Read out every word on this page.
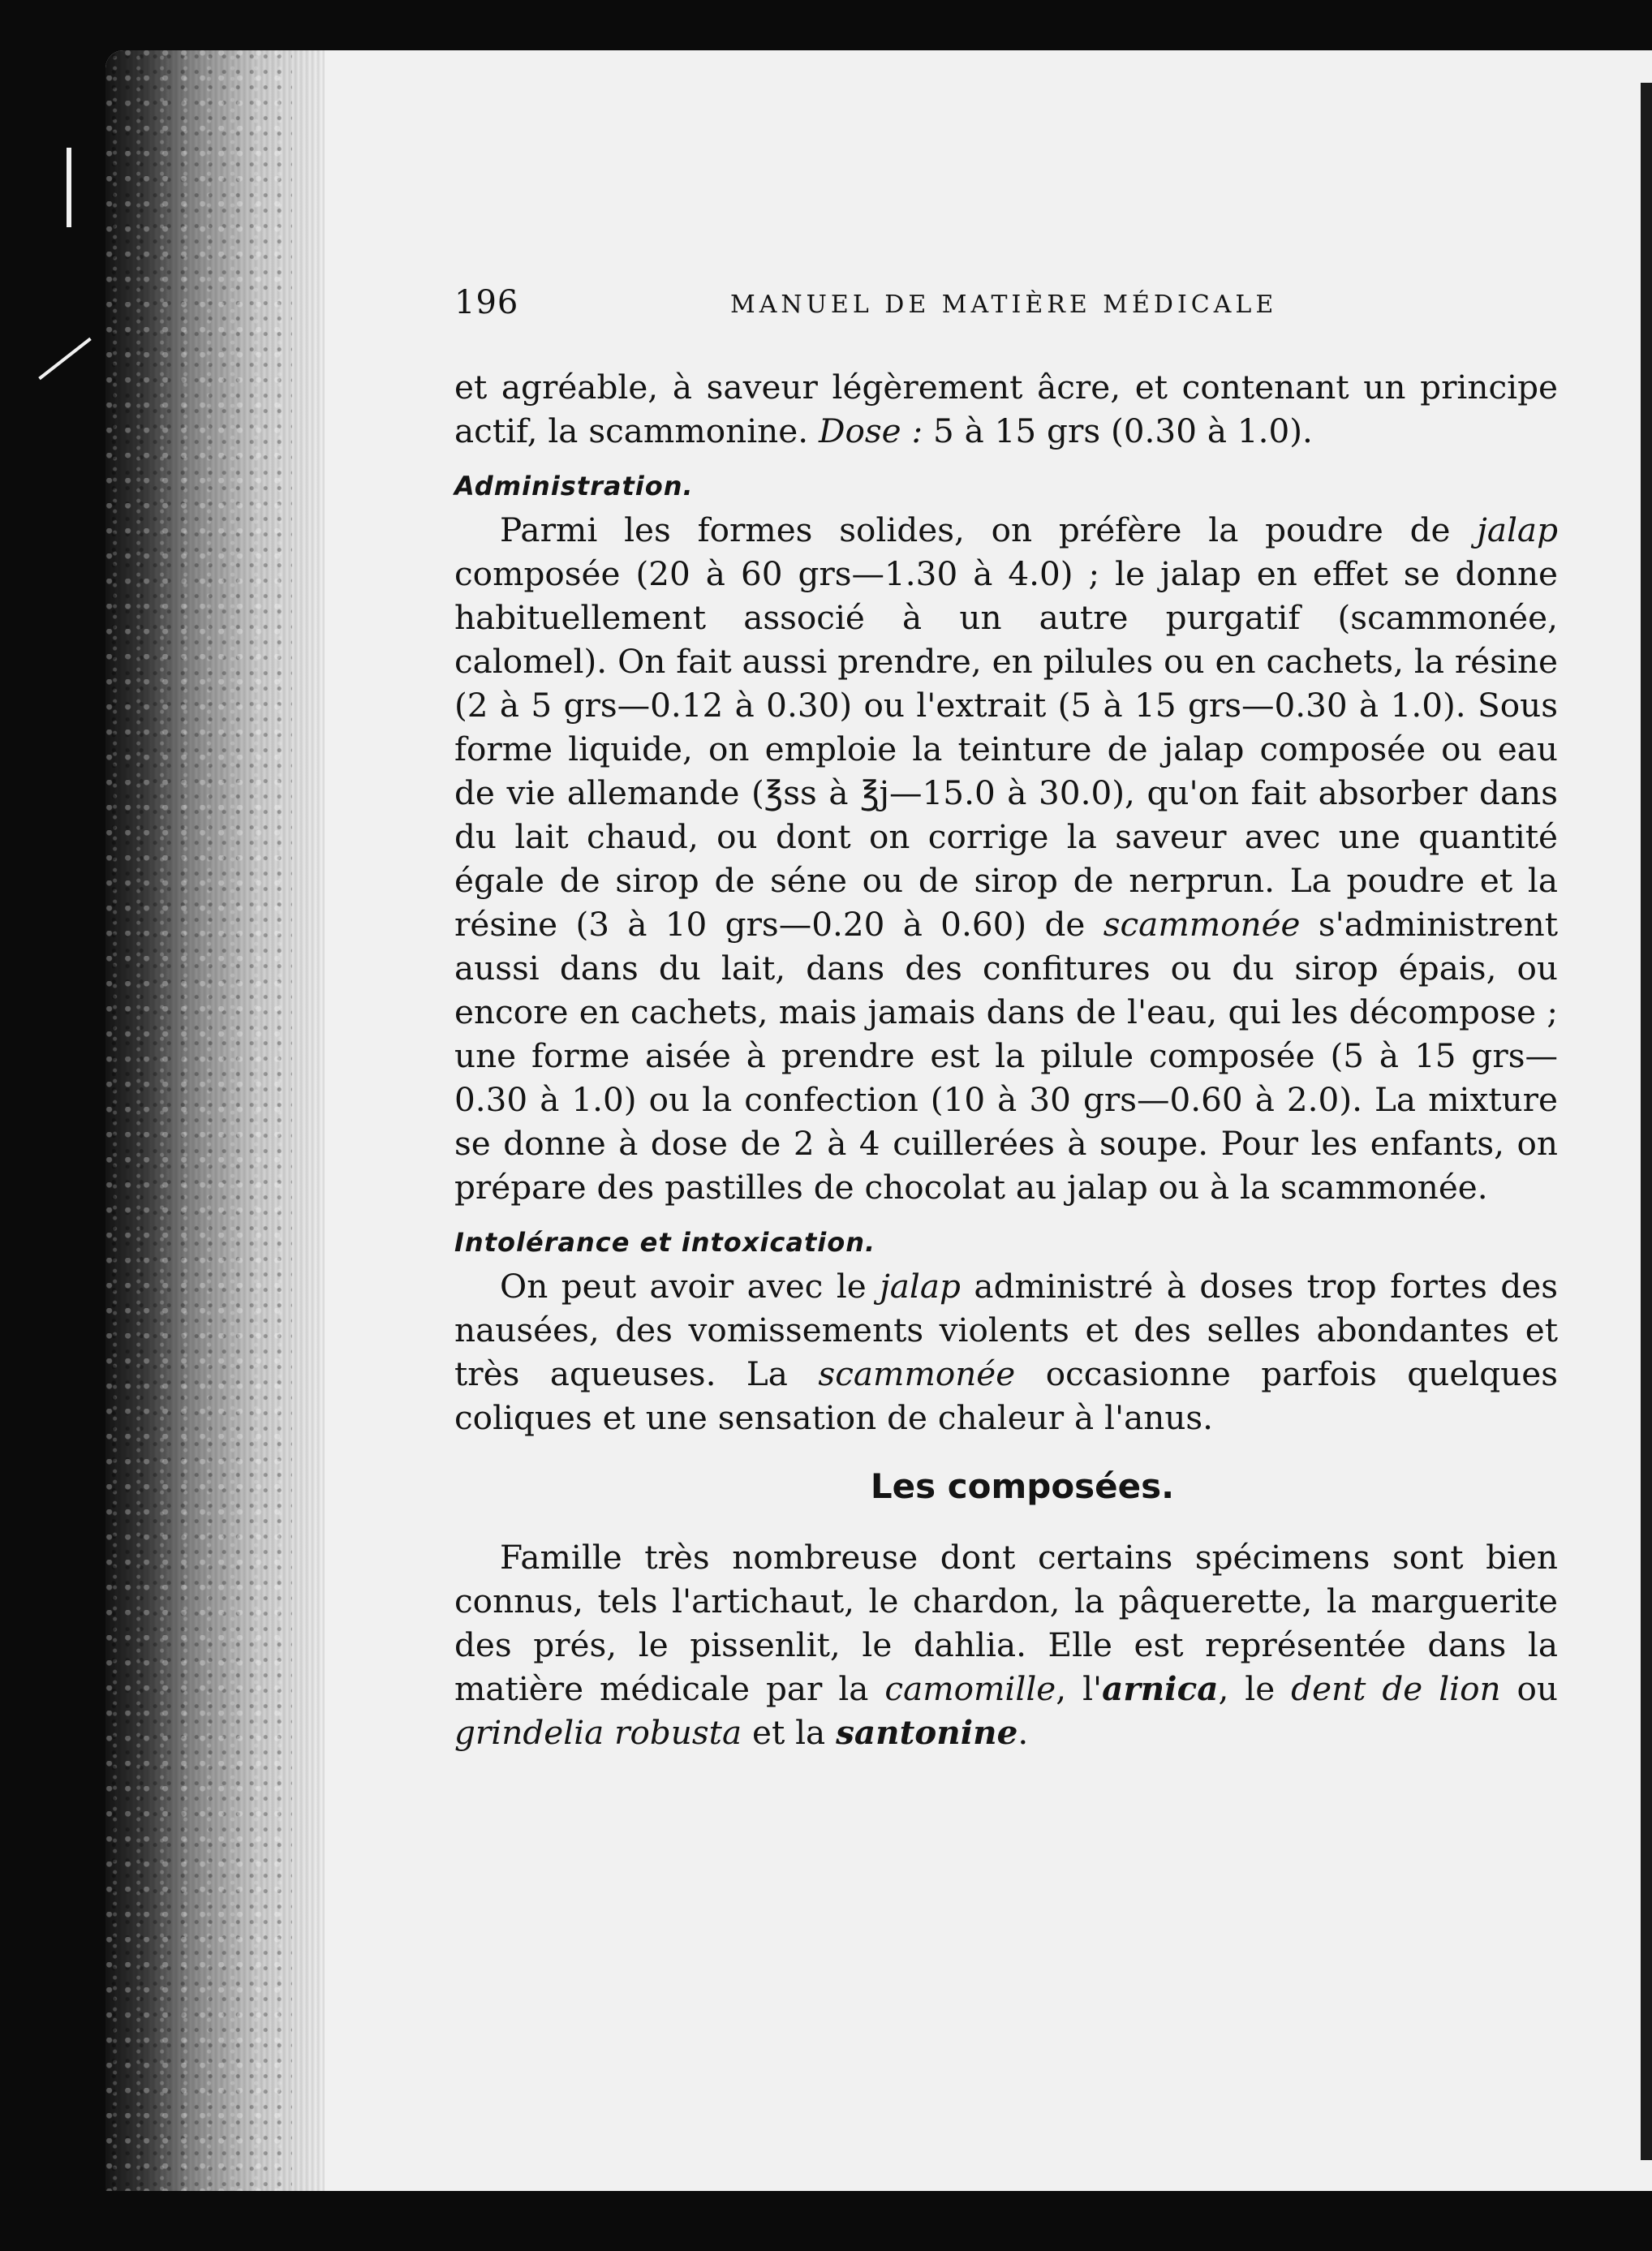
196	MANUEL DE MATIÈRE MÉDICALE

et agréable, à saveur légèrement âcre, et contenant un principe actif, la scammonine. Dose : 5 à 15 grs (0.30 à 1.0).

Administration.

Parmi les formes solides, on préfère la poudre de jalap composée (20 à 60 grs—1.30 à 4.0) ; le jalap en effet se donne habituellement associé à un autre purgatif (scammonée, calomel). On fait aussi prendre, en pilules ou en cachets, la résine (2 à 5 grs—0.12 à 0.30) ou l'extrait (5 à 15 grs—0.30 à 1.0). Sous forme liquide, on emploie la teinture de jalap composée ou eau de vie allemande (℥ss à ℥j—15.0 à 30.0), qu'on fait absorber dans du lait chaud, ou dont on corrige la saveur avec une quantité égale de sirop de séne ou de sirop de nerprun. La poudre et la résine (3 à 10 grs—0.20 à 0.60) de scammonée s'administrent aussi dans du lait, dans des confitures ou du sirop épais, ou encore en cachets, mais jamais dans de l'eau, qui les décompose ; une forme aisée à prendre est la pilule composée (5 à 15 grs—0.30 à 1.0) ou la confection (10 à 30 grs—0.60 à 2.0). La mixture se donne à dose de 2 à 4 cuillerées à soupe. Pour les enfants, on prépare des pastilles de chocolat au jalap ou à la scammonée.

Intolérance et intoxication.

On peut avoir avec le jalap administré à doses trop fortes des nausées, des vomissements violents et des selles abondantes et très aqueuses. La scammonée occasionne parfois quelques coliques et une sensation de chaleur à l'anus.

Les composées.

Famille très nombreuse dont certains spécimens sont bien connus, tels l'artichaut, le chardon, la pâquerette, la marguerite des prés, le pissenlit, le dahlia. Elle est représentée dans la matière médicale par la camomille, l'arnica, le dent de lion ou grindelia robusta et la santonine.
